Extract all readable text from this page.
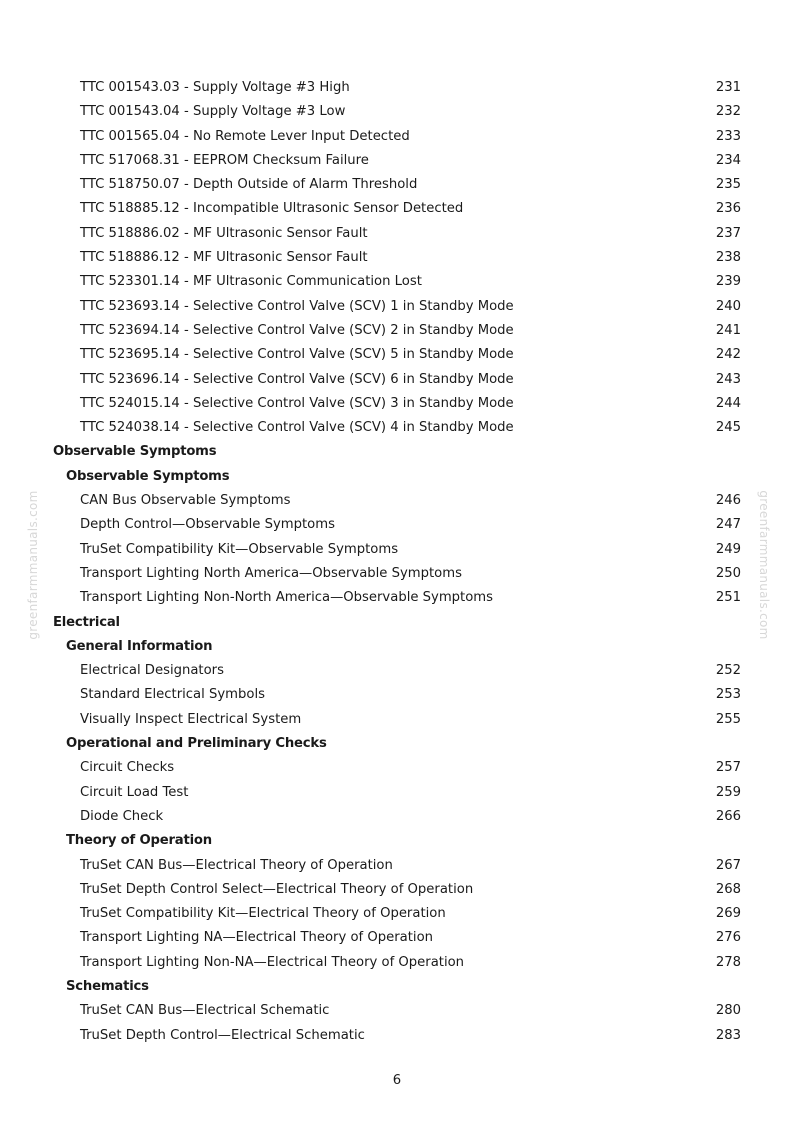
greenfarmmanuals.com	greenfarmmanuals.com
TTC 001543.03 - Supply Voltage #3 High	231
TTC 001543.04 - Supply Voltage #3 Low	232
TTC 001565.04 - No Remote Lever Input Detected	233
TTC 517068.31 - EEPROM Checksum Failure	234
TTC 518750.07 - Depth Outside of Alarm Threshold	235
TTC 518885.12 - Incompatible Ultrasonic Sensor Detected	236
TTC 518886.02 - MF Ultrasonic Sensor Fault	237
TTC 518886.12 - MF Ultrasonic Sensor Fault	238
TTC 523301.14 - MF Ultrasonic Communication Lost	239
TTC 523693.14 - Selective Control Valve (SCV) 1 in Standby Mode	240
TTC 523694.14 - Selective Control Valve (SCV) 2 in Standby Mode	241
TTC 523695.14 - Selective Control Valve (SCV) 5 in Standby Mode	242
TTC 523696.14 - Selective Control Valve (SCV) 6 in Standby Mode	243
TTC 524015.14 - Selective Control Valve (SCV) 3 in Standby Mode	244
TTC 524038.14 - Selective Control Valve (SCV) 4 in Standby Mode	245
Observable Symptoms
Observable Symptoms
CAN Bus Observable Symptoms	246
Depth Control—Observable Symptoms	247
TruSet Compatibility Kit—Observable Symptoms	249
Transport Lighting North America—Observable Symptoms	250
Transport Lighting Non-North America—Observable Symptoms	251
Electrical
General Information
Electrical Designators	252
Standard Electrical Symbols	253
Visually Inspect Electrical System	255
Operational and Preliminary Checks
Circuit Checks	257
Circuit Load Test	259
Diode Check	266
Theory of Operation
TruSet CAN Bus—Electrical Theory of Operation	267
TruSet Depth Control Select—Electrical Theory of Operation	268
TruSet Compatibility Kit—Electrical Theory of Operation	269
Transport Lighting NA—Electrical Theory of Operation	276
Transport Lighting Non-NA—Electrical Theory of Operation	278
Schematics
TruSet CAN Bus—Electrical Schematic	280
TruSet Depth Control—Electrical Schematic	283
6
